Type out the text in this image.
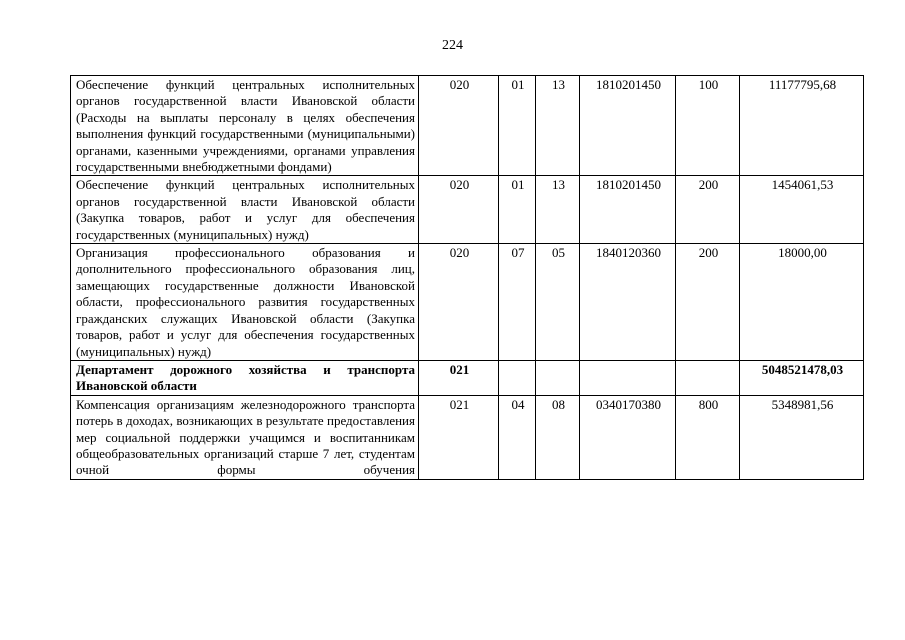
224
Обеспечение функций центральных исполнительных органов государственной власти Ивановской области (Расходы на выплаты персоналу в целях обеспечения выполнения функций государственными (муниципальными) органами, казенными учреждениями, органами управления государственными внебюджетными фондами)	020	01	13	1810201450	100	11177795,68
Обеспечение функций центральных исполнительных органов государственной власти Ивановской области (Закупка товаров, работ и услуг для обеспечения государственных (муниципальных) нужд)	020	01	13	1810201450	200	1454061,53
Организация профессионального образования и дополнительного профессионального образования лиц, замещающих государственные должности Ивановской области, профессионального развития государственных гражданских служащих Ивановской области (Закупка товаров, работ и услуг для обеспечения государственных (муниципальных) нужд)	020	07	05	1840120360	200	18000,00
Департамент дорожного хозяйства и транспорта Ивановской области	021					5048521478,03
Компенсация организациям железнодорожного транспорта потерь в доходах, возникающих в результате предоставления мер социальной поддержки учащимся и воспитанникам общеобразовательных организаций старше 7 лет, студентам очной формы обучения	021	04	08	0340170380	800	5348981,56
